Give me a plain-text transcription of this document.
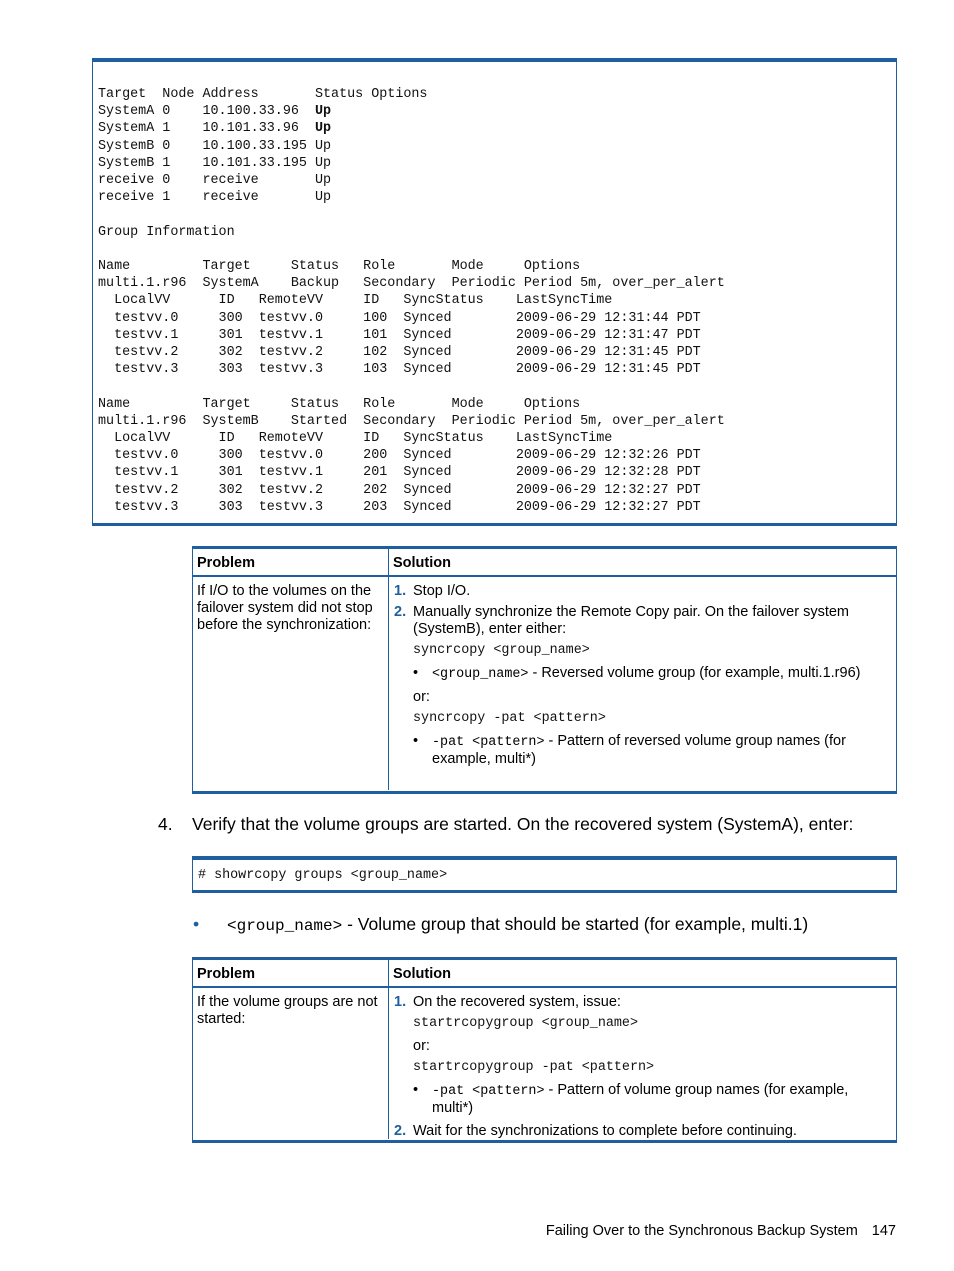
Target  Node Address       Status Options
SystemA 0    10.100.33.96  Up
SystemA 1    10.101.33.96  Up
SystemB 0    10.100.33.195 Up
SystemB 1    10.101.33.195 Up
receive 0    receive       Up
receive 1    receive       Up

Group Information

Name         Target     Status   Role       Mode     Options
multi.1.r96  SystemA    Backup   Secondary  Periodic Period 5m, over_per_alert
LocalVV      ID   RemoteVV     ID   SyncStatus    LastSyncTime
testvv.0     300  testvv.0     100  Synced        2009-06-29 12:31:44 PDT
testvv.1     301  testvv.1     101  Synced        2009-06-29 12:31:47 PDT
testvv.2     302  testvv.2     102  Synced        2009-06-29 12:31:45 PDT
testvv.3     303  testvv.3     103  Synced        2009-06-29 12:31:45 PDT

Name         Target     Status   Role       Mode     Options
multi.1.r96  SystemB    Started  Secondary  Periodic Period 5m, over_per_alert
LocalVV      ID   RemoteVV     ID   SyncStatus    LastSyncTime
testvv.0     300  testvv.0     200  Synced        2009-06-29 12:32:26 PDT
testvv.1     301  testvv.1     201  Synced        2009-06-29 12:32:28 PDT
testvv.2     302  testvv.2     202  Synced        2009-06-29 12:32:27 PDT
testvv.3     303  testvv.3     203  Synced        2009-06-29 12:32:27 PDT
Problem	Solution
If I/O to the volumes on the failover system did not stop before the synchronization:
1. Stop I/O.
2. Manually synchronize the Remote Copy pair. On the failover system (SystemB), enter either:
syncrcopy <group_name>
•	<group_name> - Reversed volume group (for example, multi.1.r96)
or:
syncrcopy -pat <pattern>
•	-pat <pattern> - Pattern of reversed volume group names (for example, multi*)
4. Verify that the volume groups are started. On the recovered system (SystemA), enter:
# showrcopy groups <group_name>
• <group_name> - Volume group that should be started (for example, multi.1)
Problem	Solution
If the volume groups are not started:
1. On the recovered system, issue:
startrcopygroup <group_name>
or:
startrcopygroup -pat <pattern>
•	-pat <pattern> - Pattern of volume group names (for example, multi*)
2. Wait for the synchronizations to complete before continuing.
Failing Over to the Synchronous Backup System 147
